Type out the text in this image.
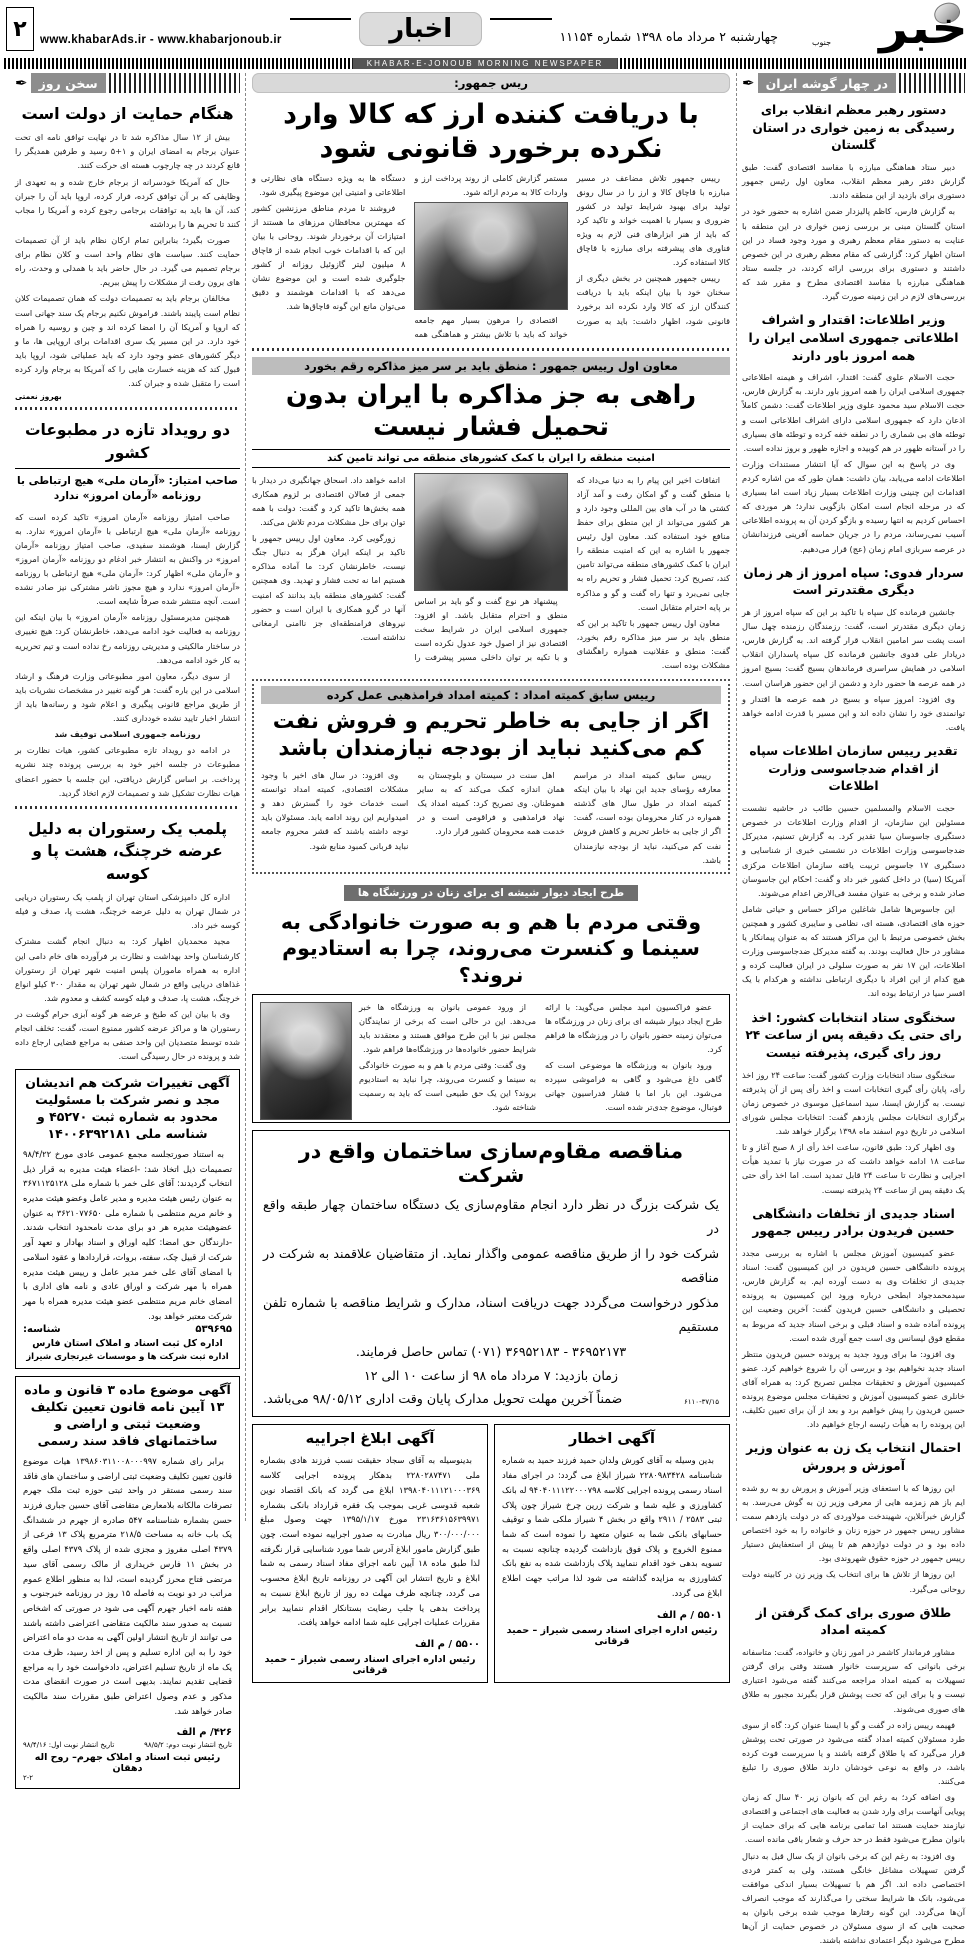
خبر
جنوب
چهارشنبه ۲ مرداد ماه ۱۳۹۸ شماره ۱۱۱۵۴
اخبار
www.khabarAds.ir - www.khabarjonoub.ir
۲
KHABAR-E-JONOUB MORNING NEWSPAPER
در چهار گوشه ایران
✒
دستور رهبر معظم انقلاب برای رسیدگی به زمین خواری در استان گلستان

دبیر ستاد هماهنگی مبارزه با مفاسد اقتصادی گفت: طبق گزارش دفتر رهبر معظم انقلاب، معاون اول رئیس جمهور دستوری برای بازدید از این منطقه دادند.

به گزارش فارس، کاظم پالیزدار ضمن اشاره به حضور خود در استان گلستان مبنی بر بررسی زمین خواری در این منطقه با عنایت به دستور مقام معظم رهبری و مورد وجود فساد در این استان اظهار کرد: گزارشی که مقام معظم رهبری در این خصوص داشتند و دستوری برای بررسی ارائه کردند، در جلسه ستاد هماهنگی مبارزه با مفاسد اقتصادی مطرح و مقرر شد که بررسی‌های لازم در این زمینه صورت گیرد.

وزیر اطلاعات: اقتدار و اشراف اطلاعاتی جمهوری اسلامی ایران را همه امروز باور دارند

حجت الاسلام علوی گفت: اقتدار، اشراف و هیمنه اطلاعاتی جمهوری اسلامی ایران را همه امروز باور دارند. به گزارش فارس، حجت الاسلام سید محمود علوی وزیر اطلاعات گفت: دشمن کاملاً اذعان دارد که جمهوری اسلامی دارای اشراف اطلاعاتی است و توطئه های بی شماری را در نطفه خفه کرده و توطئه های بسیاری را در آستانه ظهور در هم کوبیده و اجازه ظهور و بروز نداده است.

وی در پاسخ به این سوال که آیا انتشار مستندات وزارت اطلاعات ادامه می‌یابد، بیان داشت: همان طور که من اشاره کردم اقدامات این چنینی وزارت اطلاعات بسیار زیاد است اما بسیاری که در مرحله انجام است امکان بازگویی ندارد؛ هر موردی که احساس کردیم به انتها رسیده و بازگو کردن آن به پرونده اطلاعاتی آسیب نمی‌رساند، مردم را در جریان حماسه آفرینی فرزندانشان در عرصه سربازی امام زمان (عج) قرار می‌دهیم.

سردار فدوی: سپاه امروز از هر زمان دیگری مقتدرتر است

جانشین فرمانده کل سپاه با تاکید بر این که سپاه امروز از هر زمان دیگری مقتدرتر است، گفت: رزمندگان رزمنده چهل سال است پشت سر امامین انقلاب قرار گرفته اند. به گزارش فارس، دریادار علی فدوی جانشین فرمانده کل سپاه پاسداران انقلاب اسلامی در همایش سراسری فرماندهان بسیج گفت: بسیج امروز در همه عرصه ها حضور دارد و دشمن از این حضور هراسان است.

وی افزود: امروز سپاه و بسیج در همه عرصه ها اقتدار و توانمندی خود را نشان داده اند و این مسیر با قدرت ادامه خواهد یافت.

تقدیر رییس سازمان اطلاعات سپاه از اقدام ضدجاسوسی وزارت اطلاعات

حجت الاسلام والمسلمین حسین طائب در حاشیه نشست مسئولین این سازمان، از اقدام وزارت اطلاعات در خصوص دستگیری جاسوسان سیا تقدیر کرد. به گزارش تسنیم، مدیرکل ضدجاسوسی وزارت اطلاعات در نشستی خبری از شناسایی و دستگیری ۱۷ جاسوس تربیت یافته سازمان اطلاعات مرکزی آمریکا (سیا) در داخل کشور خبر داد و گفت: احکام این جاسوسان صادر شده و برخی به عنوان مفسد فی‌الارض اعدام می‌شوند.

این جاسوس‌ها شامل شاغلین مراکز حساس و حیاتی شامل حوزه های اقتصادی، هسته ای، نظامی و سایبری کشور و همچنین بخش خصوصی مرتبط با این مراکز هستند که به عنوان پیمانکار یا مشاور در حال فعالیت بودند. به گفته مدیرکل ضدجاسوسی وزارت اطلاعات، این ۱۷ نفر به صورت سلولی در ایران فعالیت کرده و هیچ کدام از این افراد با دیگری ارتباطی نداشته و هرکدام با یک افسر سیا در ارتباط بوده اند.

سخنگوی ستاد انتخابات کشور: اخذ رای حتی یک دقیقه پس از ساعت ۲۴ روز رای گیری، پذیرفته نیست

سخنگوی ستاد انتخابات وزارت کشور گفت: ساعت ۲۴ روز اخذ رأی، پایان رأی گیری انتخابات است و اخذ رأی پس از آن پذیرفته نیست. به گزارش ایسنا، سید اسماعیل موسوی در خصوص زمان برگزاری انتخابات مجلس یازدهم گفت: انتخابات مجلس شورای اسلامی در تاریخ دوم اسفند ماه ۱۳۹۸ برگزار خواهد شد.

وی اظهار کرد: طبق قانون، ساعت اخذ رأی از ۸ صبح آغاز و تا ساعت ۱۸ ادامه خواهد داشت که در صورت نیاز با تمدید هیأت اجرایی و نظارت تا ساعت ۲۴ قابل تمدید است. اما اخذ رأی حتی یک دقیقه پس از ساعت ۲۴ پذیرفته نیست.

اسناد جدیدی از تخلفات دانشگاهی حسین فریدون برادر رییس جمهور

عضو کمیسیون آموزش مجلس با اشاره به بررسی مجدد پرونده دانشگاهی حسین فریدون در این کمیسیون گفت: اسناد جدیدی از تخلفات وی به دست آورده ایم. به گزارش فارس، سیدمحمدجواد ابطحی درباره ورود این کمیسیون به پرونده تحصیلی و دانشگاهی حسین فریدون گفت: آخرین وضعیت این پرونده آماده شده و اسناد قبلی و برخی اسناد جدید که مربوط به مقطع فوق لیسانس وی است جمع آوری شده است.

وی افزود: ما برای ورود جدید به پرونده حسین فریدون منتظر اسناد جدید نخواهیم بود و بررسی آن را شروع خواهیم کرد. عضو کمیسیون آموزش و تحقیقات مجلس تصریح کرد: به همراه آقای خانلری عضو کمیسیون آموزش و تحقیقات مجلس موضوع پرونده حسین فریدون را پیش خواهیم برد و بعد از آن برای تعیین تکلیف، این پرونده را به هیأت رئیسه ارجاع خواهیم داد.

احتمال انتخاب یک زن به عنوان وزیر آموزش و پرورش

این روزها که با استعفای وزیر آموزش و پرورش رو به رو شده ایم باز هم زمزمه هایی از معرفی وزیر زن به گوش می‌رسد. به گزارش خبرآنلاین، شهیندخت مولاوردی که در دولت یازدهم سمت مشاور رییس جمهور در حوزه زنان و خانواده را به خود اختصاص داده بود و در دولت دوازدهم هم تا پیش از استعفایش دستیار رییس جمهور در حوزه حقوق شهروندی بود.

این روزها از تلاش ها برای انتخاب یک وزیر زن در کابینه دولت روحانی می‌گیرد.

طلاق صوری برای کمک گرفتن از کمیته امداد

مشاور فرماندار کاشمر در امور زنان و خانواده، گفت: متاسفانه برخی بانوانی که سرپرست خانوار هستند وقتی برای گرفتن تسهیلات به کمیته امداد مراجعه می‌کنند گفته می‌شود اعتباری نیست و یا برای این که تحت پوشش قرار بگیرند مجبور به طلاق های صوری می‌شوند.

فهیمه رییس زاده در گفت و گو با ایسنا عنوان کرد: گاه از سوی طرد مسئولان کمیته امداد گفته می‌شود در صورتی تحت پوشش قرار می‌گیرد که یا طلاق گرفته باشند و یا سرپرست فوت کرده باشد، در واقع به نوعی خودشان دارند طلاق صوری را تبلیغ می‌کنند.

وی اضافه کرد؛ به رغم این که بانوان زیر ۴۰ سال که زمان پویایی آنهاست برای وارد شدن به فعالیت های اجتماعی و اقتصادی نیازمند حمایت هستند اما تمامی برنامه هایی که برای حمایت از بانوان مطرح می‌شود فقط در حد حرف و شعار باقی مانده است.

وی افزود: به رغم این که برخی بانوان از یک سال قبل به دنبال گرفتن تسهیلات مشاغل خانگی هستند، ولی به کمتر فردی اختصاصی داده اند. اگر هم با تسهیلات بسیار اندکی موافقت می‌شود، بانک ها شرایط سختی را می‌گذارند که موجب انصراف آن‌ها می‌گردد. این گونه رفتارها موجب شده برخی بانوان به صحبت هایی که از سوی مسئولان در خصوص حمایت از آن‌ها مطرح می‌شود دیگر اعتمادی نداشته باشند.

ریس جمهور:
با دریافت کننده ارز که کالا وارد نکرده برخورد قانونی شود

رییس جمهور تلاش مضاعف در مسیر مبارزه با قاچاق کالا و ارز را در سال رونق تولید برای بهبود شرایط تولید در کشور ضروری و بسیار با اهمیت خواند و تاکید کرد که باید از هنر ابزارهای فنی لازم به ویژه فناوری های پیشرفته برای مبارزه با قاچاق کالا استفاده کرد.

رییس جمهور همچنین در بخش دیگری از سخنان خود با بیان اینکه باید با دریافت کنندگان ارز که کالا وارد نکرده اند برخورد قانونی شود، اظهار داشت: باید به صورت مستمر گزارش کاملی از روند پرداخت ارز و واردات کالا به مردم ارائه شود.

اقتصادی را مرهون بسیار مهم جامعه خواند که باید با تلاش بیشتر و هماهنگی همه دستگاه ها به ویژه دستگاه های نظارتی و اطلاعاتی و امنیتی این موضوع پیگیری شود.

فروشند تا مردم مناطق مرزنشین کشور که مهمترین محافظان مرزهای ما هستند از امتیازات آن برخوردار شوند. روحانی با بیان این که با اقدامات خوب انجام شده از قاچاق ۸ میلیون لیتر گازوئیل روزانه از کشور جلوگیری شده است و این موضوع نشان می‌دهد که با اقدامات هوشمند و دقیق می‌توان مانع این گونه قاچاق‌ها شد.

معاون اول رییس جمهور : منطق باید بر سر میز مذاکره رقم بخورد
راهی به جز مذاکره با ایران بدون تحمیل فشار نیست
امنیت منطقه را ایران با کمک کشورهای منطقه می تواند تامین کند

اتفاقات اخیر این پیام را به دنیا می‌داد که با منطق گفت و گو امکان رفت و آمد آزاد کشتی ها در آب های بین المللی وجود دارد و هر کشور می‌تواند از این منطق برای حفظ منافع خود استفاده کند. معاون اول رئیس جمهور با اشاره به این که امنیت منطقه را ایران با کمک کشورهای منطقه می‌تواند تامین کند، تصریح کرد: تحمیل فشار و تحریم راه به جایی نمی‌برد و تنها راه گفت و گو و مذاکره بر پایه احترام متقابل است.

معاون اول رییس جمهور با تاکید بر این که منطق باید بر سر میز مذاکره رقم بخورد، گفت: منطق و عقلانیت همواره راهگشای مشکلات بوده است.

پیشنهاد هر نوع گفت و گو باید بر اساس منطق و احترام متقابل باشد. او افزود: جمهوری اسلامی ایران در شرایط سخت اقتصادی نیز از اصول خود عدول نکرده است و با تکیه بر توان داخلی مسیر پیشرفت را ادامه خواهد داد. اسحاق جهانگیری در دیدار با جمعی از فعالان اقتصادی بر لزوم همکاری همه بخش‌ها تاکید کرد و گفت: دولت با همه توان برای حل مشکلات مردم تلاش می‌کند.

زورگویی کرد. معاون اول رییس جمهور با تاکید بر اینکه ایران هرگز به دنبال جنگ نیست، خاطرنشان کرد: ما آماده مذاکره هستیم اما نه تحت فشار و تهدید. وی همچنین گفت: کشورهای منطقه باید بدانند که امنیت آنها در گرو همکاری با ایران است و حضور نیروهای فرامنطقه‌ای جز ناامنی ارمغانی نداشته است.

رییس سابق کمیته امداد : کمیته امداد فرامذهبی عمل کرده
اگر از جایی به خاطر تحریم و فروش نفت کم می‌کنید نباید از بودجه نیازمندان باشد

رییس سابق کمیته امداد در مراسم معارفه رؤسای جدید این نهاد با بیان اینکه کمیته امداد در طول سال های گذشته همواره در کنار محرومان بوده است، گفت: اگر از جایی به خاطر تحریم و کاهش فروش نفت کم می‌کنید، نباید از بودجه نیازمندان باشد.

اهل سنت در سیستان و بلوچستان به همان اندازه کمک می‌کند که به سایر هموطنان. وی تصریح کرد: کمیته امداد یک نهاد فرامذهبی و فراقومی است و در خدمت همه محرومان کشور قرار دارد.

وی افزود: در سال های اخیر با وجود مشکلات اقتصادی، کمیته امداد توانسته است خدمات خود را گسترش دهد و امیدواریم این روند ادامه یابد. مسئولان باید توجه داشته باشند که قشر محروم جامعه نباید قربانی کمبود منابع شود.

طرح ایجاد دیوار شیشه ای برای زنان در ورزشگاه ها
وقتی مردم با هم و به صورت خانوادگی به سینما و کنسرت می‌روند، چرا به استادیوم نروند؟

عضو فراکسیون امید مجلس می‌گوید: با ارائه طرح ایجاد دیوار شیشه ای برای زنان در ورزشگاه ها می‌توان زمینه حضور بانوان را در ورزشگاه ها فراهم کرد.

ورود بانوان به ورزشگاه ها موضوعی است که گاهی داغ می‌شود و گاهی به فراموشی سپرده می‌شود. این بار اما با فشار فدراسیون جهانی فوتبال، موضوع جدی‌تر شده است.

از ورود عمومی بانوان به ورزشگاه ها خبر می‌دهد. این در حالی است که برخی از نمایندگان مجلس نیز با این طرح موافق هستند و معتقدند باید شرایط حضور خانواده‌ها در ورزشگاه‌ها فراهم شود.

وی گفت: وقتی مردم با هم و به صورت خانوادگی به سینما و کنسرت می‌روند، چرا نباید به استادیوم بروند؟ این یک حق طبیعی است که باید به رسمیت شناخته شود.

مناقصه مقاوم‌سازی ساختمان واقع در شرکت

یک شرکت بزرگ در نظر دارد انجام مقاوم‌سازی یک دستگاه ساختمان چهار طبقه واقع در

شرکت خود را از طریق مناقصه عمومی واگذار نماید. از متقاضیان علاقمند به شرکت در مناقصه

مذکور درخواست می‌گردد جهت دریافت اسناد، مدارک و شرایط مناقصه با شماره تلفن مستقیم

۳۶۹۵۲۱۷۳ - ۳۶۹۵۲۱۸۳ (۰۷۱) تماس حاصل فرمایند.

زمان بازدید: ۷ مرداد ماه ۹۸ از ساعت ۱۰ الی ۱۲

۶۱۱۰-۳۷/۱۵
ضمناً آخرین مهلت تحویل مدارک پایان وقت اداری ۹۸/۰۵/۱۲ می‌باشد.
آگهی اخطار

بدین وسیله به آقای کورش ولدان حمید فرزند حمید به شماره شناسنامه ۲۲۸۰۹۸۳۴۲۸ شیراز ابلاغ می گردد: در اجرای مفاد اسناد رسمی پرونده اجرایی کلاسه ۹۴۰۴۰۱۱۱۲۲۰۰۰۷۹۸ له بانک کشاورزی و علیه شما و شرکت زرین چرخ شیراز چون پلاک ثبتی ۲۵۸۳ / ۲۹۱۱ واقع در بخش ۴ شیراز ملکی شما و توقیف حسابهای بانکی شما به عنوان متعهد را نموده است که شما ممنوع الخروج و پلاک فوق بازداشت گردیده چنانچه نسبت به تسویه بدهی خود اقدام ننمایید پلاک بازداشت شده به نفع بانک کشاورزی به مزایده گذاشته می شود لذا مراتب جهت اطلاع ابلاغ می گردد.

۵۵۰۱ / م الف
رئیس اداره اجرای اسناد رسمی شیراز – حمید قرقانی
آگهی ابلاغ اجراییه

بدینوسیله به آقای سجاد حقیقت نسب فرزند هادی بشماره ملی ۲۲۸۰۲۸۷۴۷۱ بدهکار پرونده اجرایی کلاسه ۱۳۹۸۰۴۰۱۱۱۲۱۰۰۰۳۶۹ ابلاغ می گردد که بانک اقتصاد نوین شعبه قدوسی غربی بموجب یک فقره قرارداد بانکی بشماره ۲۳۱۶۳۶۱۵۶۳۹۹۷۱ مورخ ۱۳۹۵/۱/۱۷ جهت وصول مبلغ ۳۰۰/۰۰۰/۰۰۰ ریال مبادرت به صدور اجراییه نموده است. چون طبق گزارش مامور ابلاغ آدرس شما مورد شناسایی قرار نگرفته لذا طبق ماده ۱۸ آیین نامه اجرای مفاد اسناد رسمی به شما ابلاغ و تاریخ انتشار این آگهی در روزنامه تاریخ ابلاغ محسوب می گردد، چنانچه ظرف مهلت ده روز از تاریخ ابلاغ نسبت به پرداخت بدهی یا جلب رضایت بستانکار اقدام ننمایید برابر مقررات عملیات اجرایی علیه شما ادامه خواهد یافت.

۵۵۰۰ / م الف
رئیس اداره اجرای اسناد رسمی شیراز – حمید قرقانی
سخن روز
✒
هنگام حمایت از دولت است

بیش از ۱۲ سال مذاکره شد تا در نهایت توافق نامه ای تحت عنوان برجام به امضای ایران و ۱+۵ رسید و طرفین همدیگر را قانع کردند در چه چارچوب هسته ای حرکت کنند.

حال که آمریکا خودسرانه از برجام خارج شده و به تعهدی از وظایفی که بر آن توافق کرده، فرار کرده، اروپا باید آن را جبران کند، آن ها باید به توافقات برجامی رجوع کرده و آمریکا را مجاب کنند تا تحریم ها را برداشته

صورت بگیرد؛ بنابراین تمام ارکان نظام باید از آن تصمیمات حمایت کنند. سیاست های نظام واحد است و کلان نظام برای برجام تصمیم می گیرد. در حال حاضر باید با همدلی و وحدت، راه های برون رفت از مشکلات را پیش ببریم.

مخالفان برجام باید به تصمیمات دولت که همان تصمیمات کلان نظام است پایبند باشند. فراموش نکنیم برجام یک سند جهانی است که اروپا و آمریکا آن را امضا کرده اند و چین و روسیه را همراه خود دارد. در این مسیر یک سری اقدامات برای اروپایی ها، ما و دیگر کشورهای عضو وجود دارد که باید عملیاتی شود، اروپا باید قبول کند که هزینه خسارت هایی را که آمریکا به برجام وارد کرده است را متقبل شده و جبران کند.

بهروز نعمتی
دو رویداد تازه در مطبوعات کشور
صاحب امتیاز: «آرمان ملی» هیچ ارتباطی با روزنامه «آرمان امروز» ندارد

صاحب امتیاز روزنامه «آرمان امروز» تاکید کرده است که روزنامه «آرمان ملی» هیچ ارتباطی با «آرمان امروز» ندارد. به گزارش ایسنا، هوشمند سفیدی، صاحب امتیاز روزنامه «آرمان امروز» در واکنش به انتشار خبر ادغام دو روزنامه «آرمان امروز» و «آرمان ملی» اظهار کرد: «آرمان ملی» هیچ ارتباطی با روزنامه «آرمان امروز» ندارد و هیچ مجوز ناشر مشترکی نیز صادر نشده است. آنچه منتشر شده صرفاً شایعه است.

همچنین مدیرمسئول روزنامه «آرمان امروز» با بیان اینکه این روزنامه به فعالیت خود ادامه می‌دهد، خاطرنشان کرد: هیچ تغییری در ساختار مالکیتی و مدیریتی روزنامه رخ نداده است و تیم تحریریه به کار خود ادامه می‌دهد.

از سوی دیگر، معاون امور مطبوعاتی وزارت فرهنگ و ارشاد اسلامی در این باره گفت: هر گونه تغییر در مشخصات نشریات باید از طریق مراجع قانونی پیگیری و اعلام شود و رسانه‌ها باید از انتشار اخبار تایید نشده خودداری کنند.

روزنامه جمهوری اسلامی توقیف شد

در ادامه دو رویداد تازه مطبوعاتی کشور، هیات نظارت بر مطبوعات در جلسه اخیر خود به بررسی پرونده چند نشریه پرداخت. بر اساس گزارش دریافتی، این جلسه با حضور اعضای هیات نظارت تشکیل شد و تصمیمات لازم اتخاذ گردید.

پلمب یک رستوران به دلیل عرضه خرچنگ، هشت پا و کوسه

اداره کل دامپزشکی استان تهران از پلمب یک رستوران دریایی در شمال تهران به دلیل عرضه خرچنگ، هشت پا، صدف و فیله کوسه خبر داد.

مجید محمدیان اظهار کرد: به دنبال انجام گشت مشترک کارشناسان واحد بهداشت و نظارت بر فرآورده های خام دامی این اداره به همراه ماموران پلیس امنیت شهر تهران از رستوران غذاهای دریایی واقع در شمال شهر تهران به مقدار ۳۰۰ کیلو انواع خرچنگ، هشت پا، صدف و فیله کوسه کشف و معدوم شد.

وی با بیان این که طبخ و عرضه هر گونه آبزی حرام گوشت در رستوران ها و مراکز عرضه کشور ممنوع است، گفت: تخلف انجام شده توسط متصدیان این واحد صنفی به مراجع قضایی ارجاع داده شد و پرونده در حال رسیدگی است.

آگهی تغییرات شرکت هم اندیشان مجد و نصر شرکت با مسئولیت محدود به شماره ثبت ۴۵۲۷۰ و شناسه ملی ۱۴۰۰۶۳۹۲۱۸۱

به استناد صورتجلسه مجمع عمومی عادی مورخ ۹۸/۴/۲۲ تصمیمات ذیل اتخاذ شد: -اعضاء هیئت مدیره به قرار ذیل انتخاب گردیدند: آقای علی خمر با شماره ملی ۳۶۷۱۱۲۵۱۲۸ به عنوان رئیس هیئت مدیره و مدیر عامل وعضو هیئت مدیره و خانم مریم منتظمی با شماره ملی ۳۶۲۱۰۷۷۶۵۰ به عنوان عضوهیئت مدیره هر دو برای مدت نامحدود انتخاب شدند. -دارندگان حق امضا: کلیه اوراق و اسناد بهادار و تعهد آور شرکت از قبیل چک، سفته، بروات، قراردادها و عقود اسلامی با امضای آقای علی خمر مدیر عامل و رییس هیئت مدیره همراه با مهر شرکت و اوراق عادی و نامه های اداری با امضای خانم مریم منتظمی عضو هیئت مدیره همراه با مهر شرکت معتبر خواهد بود.

۵۳۹۶۹۵
شناسه:
اداره کل ثبت اسناد و املاک استان فارس
اداره ثبت شرکت ها و موسسات غیرتجاری شیراز
آگهی موضوع ماده ۳ قانون و ماده ۱۳ آیین نامه قانون تعیین تکلیف وضعیت ثبتی و اراضی و ساختمانهای فاقد سند رسمی

برابر رای شماره ۱۳۹۸۶۰۳۱۱۰۰۸۰۰۰۹۹۷ هیات موضوع قانون تعیین تکلیف وضعیت ثبتی اراضی و ساختمان های فاقد سند رسمی مستقر در واحد ثبتی حوزه ثبت ملک جهرم تصرفات مالکانه بلامعارض متقاضی آقای حسین جباری فرزند حسن بشماره شناسنامه ۵۴۷ صادره از جهرم در ششدانگ یک باب خانه به مساحت ۲۱۸/۵ مترمربع پلاک ۱۳ فرعی از ۴۳۷۹ اصلی مفروز و مجزی شده از پلاک ۴۳۷۹ اصلی واقع در بخش ۱۱ فارس خریداری از مالک رسمی آقای سید مرتضی فتاح محرز گردیده است، لذا به منظور اطلاع عموم مراتب در دو نوبت به فاصله ۱۵ روز در روزنامه خبرجنوب و هفته نامه اخبار جهرم آگهی می شود در صورتی که اشخاص نسبت به صدور سند مالکیت متقاضی اعتراضی داشته باشند می توانند از تاریخ انتشار اولین آگهی به مدت دو ماه اعتراض خود را به این اداره تسلیم و پس از اخذ رسید، ظرف مدت یک ماه از تاریخ تسلیم اعتراض، دادخواست خود را به مراجع قضایی تقدیم نمایند. بدیهی است در صورت انقضای مدت مذکور و عدم وصول اعتراض طبق مقررات سند مالکیت صادر خواهد شد.

۴۲۶/ م الف
تاریخ انتشار نوبت دوم: ۹۸/۵/۲
تاریخ انتشار نوبت اول: ۹۸/۴/۱۶
رئیس ثبت اسناد و املاک جهرم– روح اله دهقان
۲-۲
